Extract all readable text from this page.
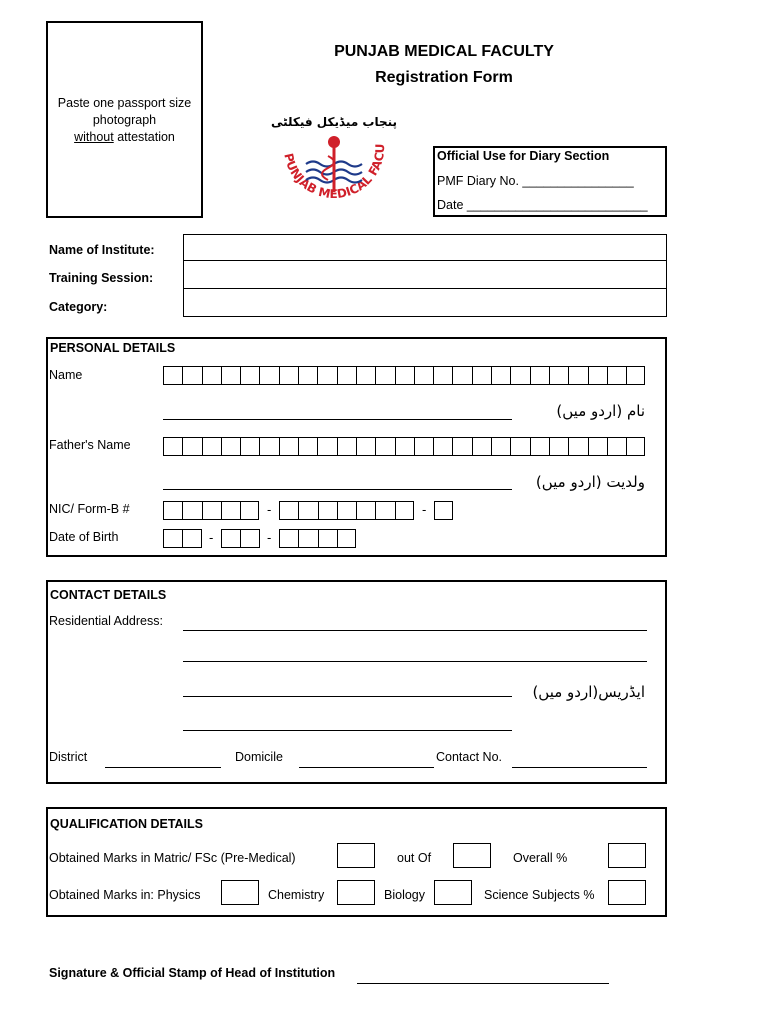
Paste one passport size
photograph
without attestation
PUNJAB MEDICAL FACULTY
Registration Form
PUNJAB MEDICAL FACU
پنجاب میڈیکل فیکلٹی
Official Use for Diary Section
PMF Diary No. ________________
Date __________________________
Name of Institute:
Training Session:
Category:
PERSONAL DETAILS
Name
نام (اردو میں)
Father's Name
ولدیت (اردو میں)
NIC/ Form-B #	-	-
Date of Birth	-	-
CONTACT DETAILS
Residential Address:
ایڈریس(اردو میں)
District	Domicile	Contact No.
QUALIFICATION DETAILS
Obtained Marks in Matric/ FSc (Pre-Medical)	out Of	Overall %
Obtained Marks in: Physics	Chemistry	Biology	Science Subjects %
Signature & Official Stamp of Head of Institution
